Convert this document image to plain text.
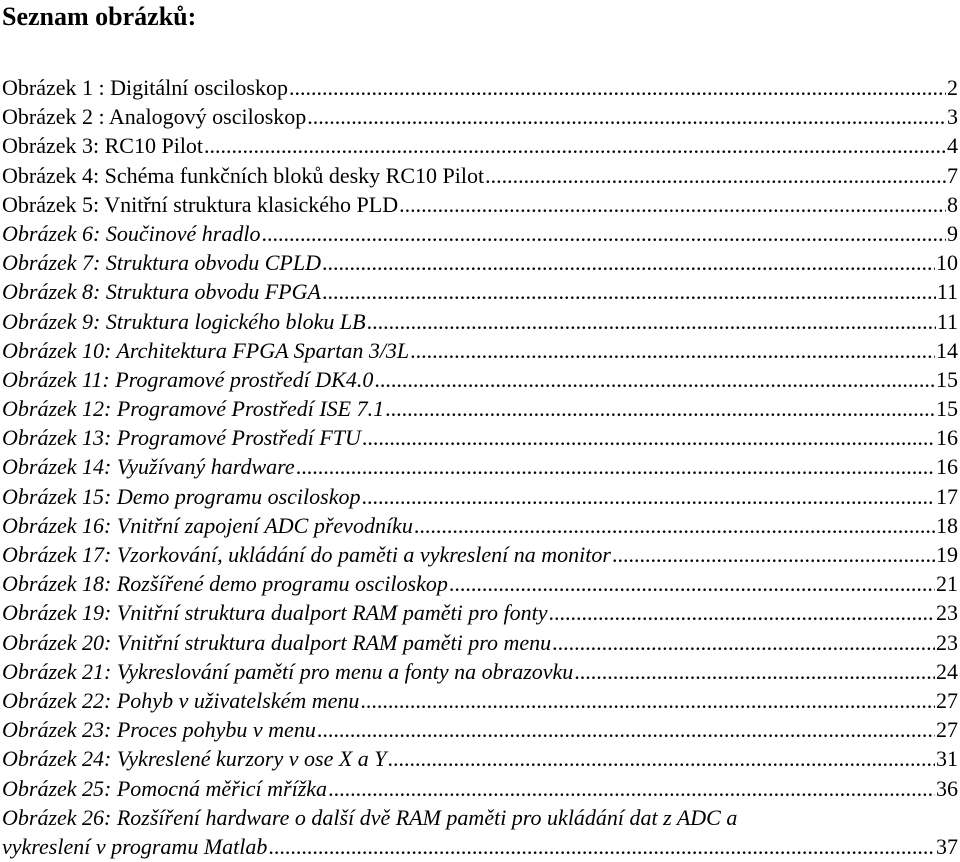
Seznam obrázků:
Obrázek 1 : Digitální osciloskop .....	2
Obrázek 2 : Analogový osciloskop .....	3
Obrázek 3: RC10 Pilot .....	4
Obrázek 4: Schéma funkčních bloků desky RC10 Pilot .....	7
Obrázek 5: Vnitřní struktura klasického PLD .....	8
Obrázek 6: Součinové hradlo .....	9
Obrázek 7: Struktura obvodu CPLD .....	10
Obrázek 8: Struktura obvodu FPGA .....	11
Obrázek 9: Struktura logického bloku LB .....	11
Obrázek 10: Architektura FPGA Spartan 3/3L .....	14
Obrázek 11: Programové prostředí DK4.0 .....	15
Obrázek 12: Programové Prostředí ISE 7.1 .....	15
Obrázek 13: Programové Prostředí FTU .....	16
Obrázek 14: Využívaný hardware .....	16
Obrázek 15: Demo programu osciloskop .....	17
Obrázek 16: Vnitřní zapojení ADC převodníku .....	18
Obrázek 17: Vzorkování, ukládání do paměti a vykreslení na monitor .....	19
Obrázek 18: Rozšířené demo programu osciloskop .....	21
Obrázek 19: Vnitřní struktura dualport RAM paměti pro fonty .....	23
Obrázek 20: Vnitřní struktura dualport RAM paměti pro menu .....	23
Obrázek 21: Vykreslování pamětí pro menu a fonty na obrazovku .....	24
Obrázek 22: Pohyb v uživatelském menu .....	27
Obrázek 23: Proces pohybu v menu .....	27
Obrázek 24: Vykreslené kurzory v ose X a Y .....	31
Obrázek 25: Pomocná měřicí mřížka .....	36
Obrázek 26: Rozšíření hardware o další dvě RAM paměti pro ukládání dat z ADC a
vykreslení v programu Matlab .....	37
